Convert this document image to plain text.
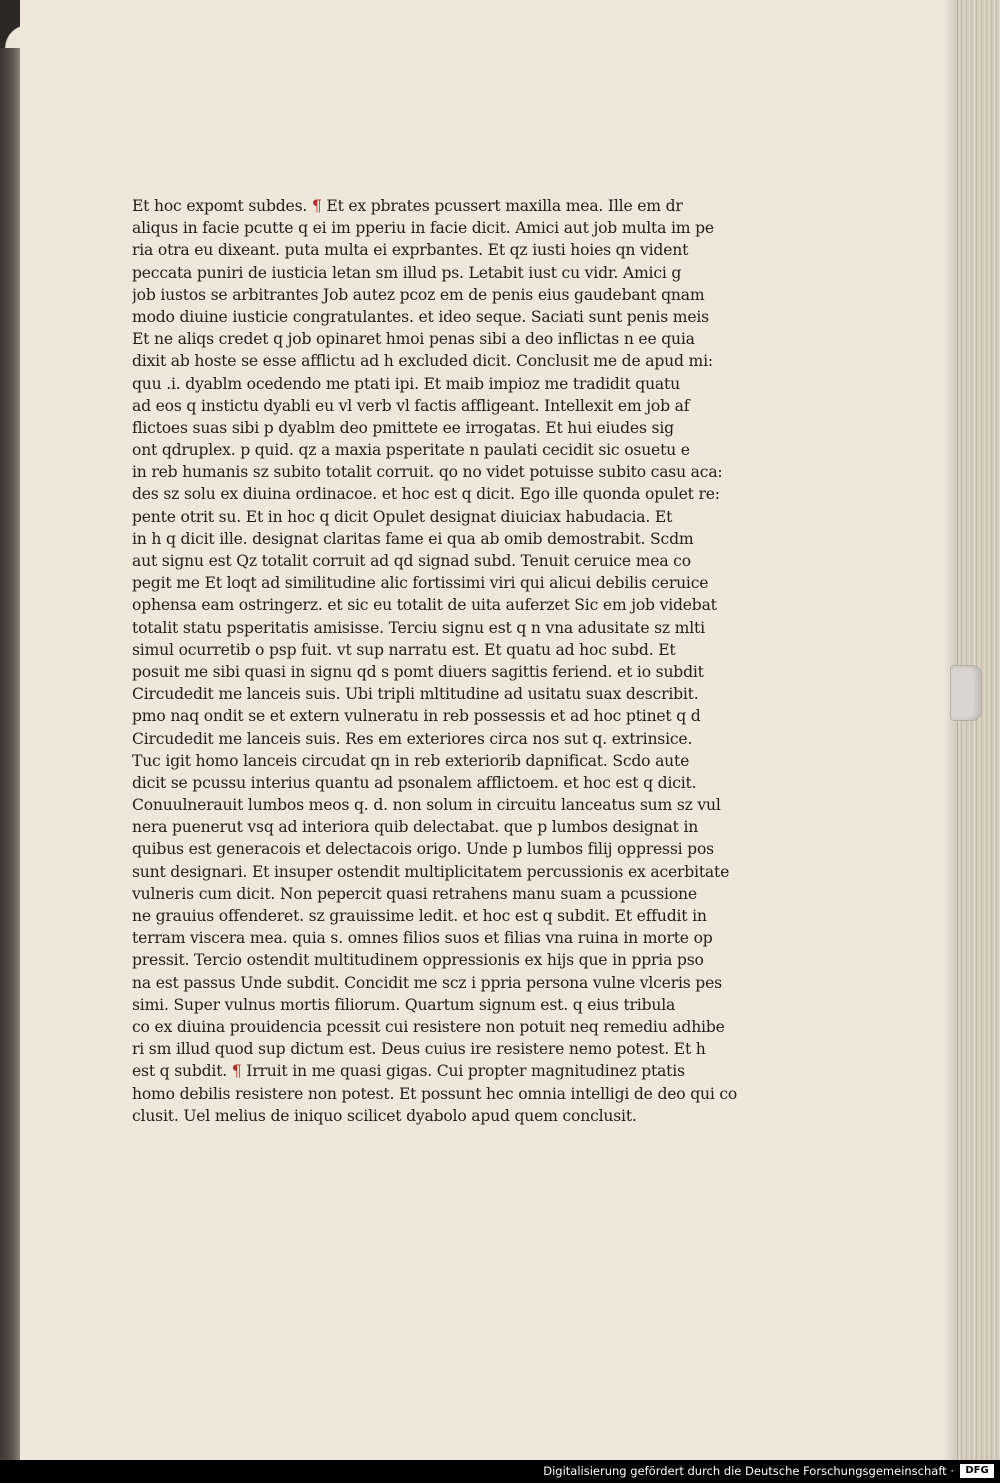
Et hoc expomt subdes. ¶ Et ex pbrates pcussert maxilla mea. Ille em dr
aliqus in facie pcutte q ei im pperiu in facie dicit. Amici aut job multa im pe
ria otra eu dixeant. puta multa ei exprbantes. Et qz iusti hoies qn vident
peccata puniri de iusticia letan sm illud ps. Letabit iust cu vidr. Amici g
job iustos se arbitrantes Job autez pcoz em de penis eius gaudebant qnam
modo diuine iusticie congratulantes. et ideo seque. Saciati sunt penis meis
Et ne aliqs credet q job opinaret hmoi penas sibi a deo inflictas n ee quia
dixit ab hoste se esse afflictu ad h excluded dicit. Conclusit me de apud mi:
quu .i. dyablm ocedendo me ptati ipi. Et maib impioz me tradidit quatu
ad eos q instictu dyabli eu vl verb vl factis affligeant. Intellexit em job af
flictoes suas sibi p dyablm deo pmittete ee irrogatas. Et hui eiudes sig
ont qdruplex. p quid. qz a maxia psperitate n paulati cecidit sic osuetu e
in reb humanis sz subito totalit corruit. qo no videt potuisse subito casu aca:
des sz solu ex diuina ordinacoe. et hoc est q dicit. Ego ille quonda opulet re:
pente otrit su. Et in hoc q dicit Opulet designat diuiciax habudacia. Et
in h q dicit ille. designat claritas fame ei qua ab omib demostrabit. Scdm
aut signu est Qz totalit corruit ad qd signad subd. Tenuit ceruice mea co
pegit me Et loqt ad similitudine alic fortissimi viri qui alicui debilis ceruice
ophensa eam ostringerz. et sic eu totalit de uita auferzet Sic em job videbat
totalit statu psperitatis amisisse. Terciu signu est q n vna adusitate sz mlti
simul ocurretib o psp fuit. vt sup narratu est. Et quatu ad hoc subd. Et
posuit me sibi quasi in signu qd s pomt diuers sagittis feriend. et io subdit
Circudedit me lanceis suis. Ubi tripli mltitudine ad usitatu suax describit.
pmo naq ondit se et extern vulneratu in reb possessis et ad hoc ptinet q d
Circudedit me lanceis suis. Res em exteriores circa nos sut q. extrinsice.
Tuc igit homo lanceis circudat qn in reb exteriorib dapnificat. Scdo aute
dicit se pcussu interius quantu ad psonalem afflictoem. et hoc est q dicit.
Conuulnerauit lumbos meos q. d. non solum in circuitu lanceatus sum sz vul
nera puenerut vsq ad interiora quib delectabat. que p lumbos designat in
quibus est generacois et delectacois origo. Unde p lumbos filij oppressi pos
sunt designari. Et insuper ostendit multiplicitatem percussionis ex acerbitate
vulneris cum dicit. Non pepercit quasi retrahens manu suam a pcussione
ne grauius offenderet. sz grauissime ledit. et hoc est q subdit. Et effudit in
terram viscera mea. quia s. omnes filios suos et filias vna ruina in morte op
pressit. Tercio ostendit multitudinem oppressionis ex hijs que in ppria pso
na est passus Unde subdit. Concidit me scz i ppria persona vulne vlceris pes
simi. Super vulnus mortis filiorum. Quartum signum est. q eius tribula
co ex diuina prouidencia pcessit cui resistere non potuit neq remediu adhibe
ri sm illud quod sup dictum est. Deus cuius ire resistere nemo potest. Et h
est q subdit. ¶ Irruit in me quasi gigas. Cui propter magnitudinez ptatis
homo debilis resistere non potest. Et possunt hec omnia intelligi de deo qui co
clusit. Uel melius de iniquo scilicet dyabolo apud quem conclusit.
Digitalisierung gefördert durch die Deutsche Forschungsgemeinschaft ·	DFG
